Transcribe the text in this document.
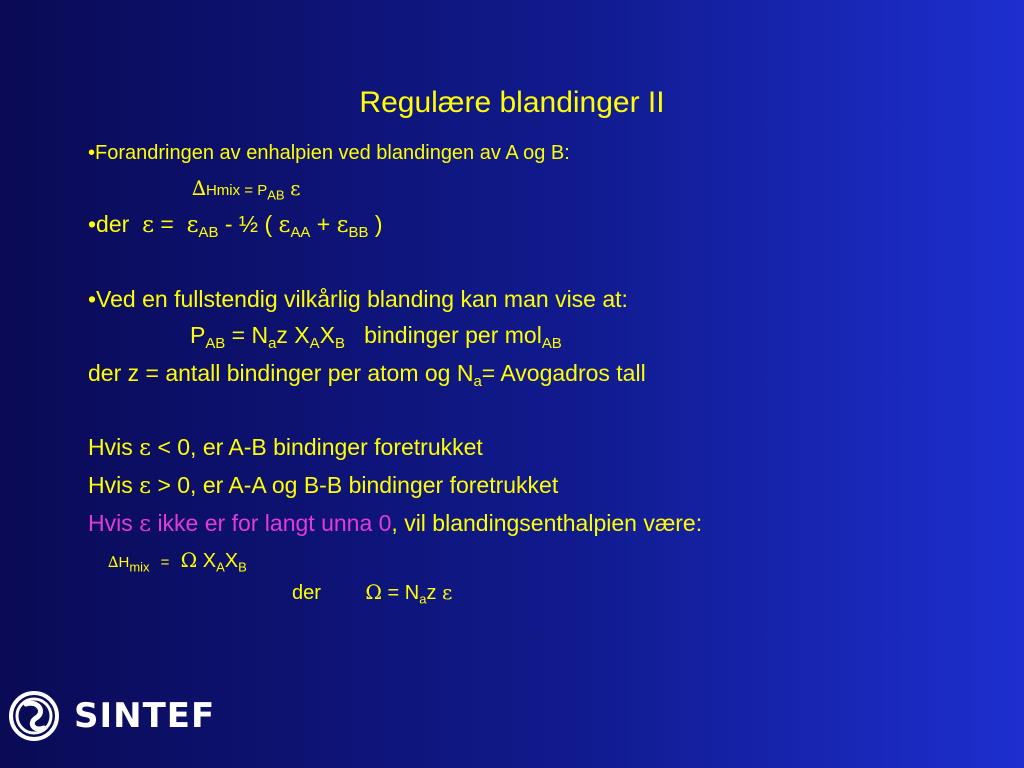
Regulære blandinger II
•Forandringen av enhalpien ved blandingen av A og B:
∆Hmix = $P_{AB}$ ε
•der $\varepsilon = \varepsilon_{AB}$ - ½ ( $\varepsilon_{AA} + \varepsilon_{BB}$ )
•Ved en fullstendig vilkårlig blanding kan man vise at:
$P_{AB} = N_az$ $X_AX_B$ bindinger per mol$_{AB}$
der z = antall bindinger per atom og $N_a=$ Avogadros tall
Hvis ε < 0, er A-B bindinger foretrukket
Hvis ε > 0, er A-A og B-B bindinger foretrukket
Hvis ε ikke er for langt unna 0, vil blandingsenthalpien være:
$\Delta H_{mix} = \Omega$ $X_AX_B$
der $\Omega = N_az$ ε
SINTEF
